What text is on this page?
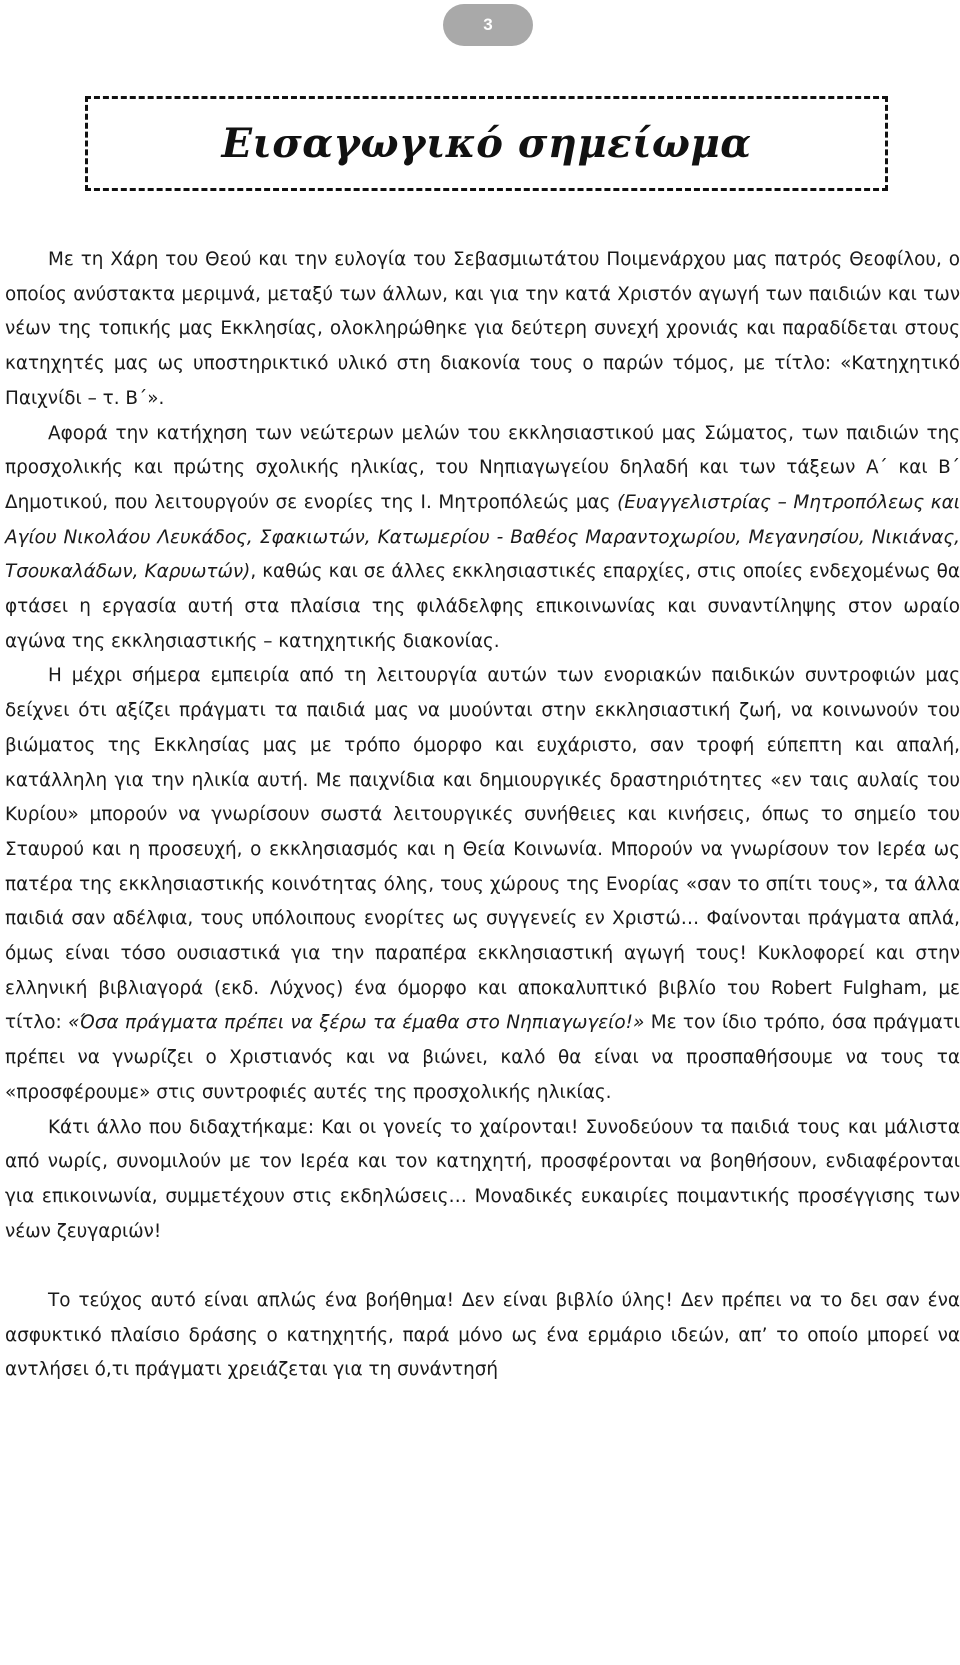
3
Εισαγωγικό σημείωμα

Με τη Χάρη του Θεού και την ευλογία του Σεβασμιωτάτου Ποιμενάρχου μας πατρός Θεοφίλου, ο οποίος ανύστακτα μεριμνά, μεταξύ των άλλων, και για την κατά Χριστόν αγωγή των παιδιών και των νέων της τοπικής μας Εκκλησίας, ολοκληρώθηκε για δεύτερη συνεχή χρονιάς και παραδίδεται στους κατηχητές μας ως υποστηρικτικό υλικό στη διακονία τους ο παρών τόμος, με τίτλο: «Κατηχητικό Παιχνίδι – τ. Β΄».

Αφορά την κατήχηση των νεώτερων μελών του εκκλησιαστικού μας Σώματος, των παιδιών της προσχολικής και πρώτης σχολικής ηλικίας, του Νηπιαγωγείου δηλαδή και των τάξεων Α΄ και Β΄ Δημοτικού, που λειτουργούν σε ενορίες της Ι. Μητροπόλεώς μας (Ευαγγελιστρίας – Μητροπόλεως και Αγίου Νικολάου Λευκάδος, Σφακιωτών, Κατωμερίου - Βαθέος Μαραντοχωρίου, Μεγανησίου, Νικιάνας, Τσουκαλάδων, Καρυωτών), καθώς και σε άλλες εκκλησιαστικές επαρχίες, στις οποίες ενδεχομένως θα φτάσει η εργασία αυτή στα πλαίσια της φιλάδελφης επικοινωνίας και συναντίληψης στον ωραίο αγώνα της εκκλησιαστικής – κατηχητικής διακονίας.

Η μέχρι σήμερα εμπειρία από τη λειτουργία αυτών των ενοριακών παιδικών συντροφιών μας δείχνει ότι αξίζει πράγματι τα παιδιά μας να μυούνται στην εκκλησιαστική ζωή, να κοινωνούν του βιώματος της Εκκλησίας μας με τρόπο όμορφο και ευχάριστο, σαν τροφή εύπεπτη και απαλή, κατάλληλη για την ηλικία αυτή. Με παιχνίδια και δημιουργικές δραστηριότητες «εν ταις αυλαίς του Κυρίου» μπορούν να γνωρίσουν σωστά λειτουργικές συνήθειες και κινήσεις, όπως το σημείο του Σταυρού και η προσευχή, ο εκκλησιασμός και η Θεία Κοινωνία. Μπορούν να γνωρίσουν τον Ιερέα ως πατέρα της εκκλησιαστικής κοινότητας όλης, τους χώρους της Ενορίας «σαν το σπίτι τους», τα άλλα παιδιά σαν αδέλφια, τους υπόλοιπους ενορίτες ως συγγενείς εν Χριστώ… Φαίνονται πράγματα απλά, όμως είναι τόσο ουσιαστικά για την παραπέρα εκκλησιαστική αγωγή τους! Κυκλοφορεί και στην ελληνική βιβλιαγορά (εκδ. Λύχνος) ένα όμορφο και αποκαλυπτικό βιβλίο του Robert Fulgham, με τίτλο: «Όσα πράγματα πρέπει να ξέρω τα έμαθα στο Νηπιαγωγείο!» Με τον ίδιο τρόπο, όσα πράγματι πρέπει να γνωρίζει ο Χριστιανός και να βιώνει, καλό θα είναι να προσπαθήσουμε να τους τα «προσφέρουμε» στις συντροφιές αυτές της προσχολικής ηλικίας.

Κάτι άλλο που διδαχτήκαμε: Και οι γονείς το χαίρονται! Συνοδεύουν τα παιδιά τους και μάλιστα από νωρίς, συνομιλούν με τον Ιερέα και τον κατηχητή, προσφέρονται να βοηθήσουν, ενδιαφέρονται για επικοινωνία, συμμετέχουν στις εκδηλώσεις… Μοναδικές ευκαιρίες ποιμαντικής προσέγγισης των νέων ζευγαριών!

Το τεύχος αυτό είναι απλώς ένα βοήθημα! Δεν είναι βιβλίο ύλης! Δεν πρέπει να το δει σαν ένα ασφυκτικό πλαίσιο δράσης ο κατηχητής, παρά μόνο ως ένα ερμάριο ιδεών, απ’ το οποίο μπορεί να αντλήσει ό,τι πράγματι χρειάζεται για τη συνάντησή
